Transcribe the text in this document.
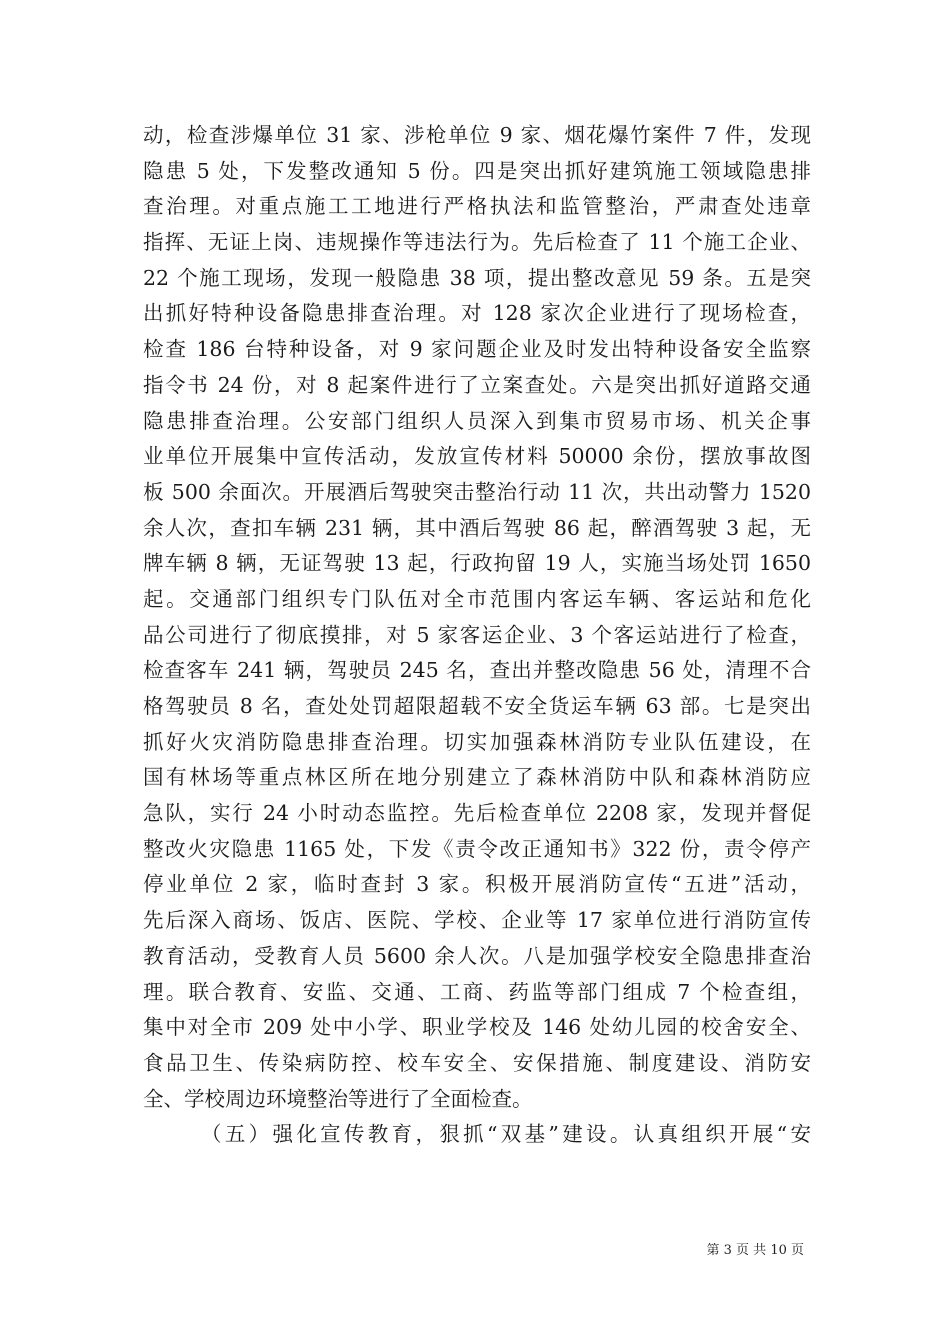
动，检查涉爆单位 31 家、涉枪单位 9 家、烟花爆竹案件 7 件，发现
隐患 5 处，下发整改通知 5 份。四是突出抓好建筑施工领域隐患排
查治理。对重点施工工地进行严格执法和监管整治，严肃查处违章
指挥、无证上岗、违规操作等违法行为。先后检查了 11 个施工企业、
22 个施工现场，发现一般隐患 38 项，提出整改意见 59 条。五是突
出抓好特种设备隐患排查治理。对 128 家次企业进行了现场检查，
检查 186 台特种设备，对 9 家问题企业及时发出特种设备安全监察
指令书 24 份，对 8 起案件进行了立案查处。六是突出抓好道路交通
隐患排查治理。公安部门组织人员深入到集市贸易市场、机关企事
业单位开展集中宣传活动，发放宣传材料 50000 余份，摆放事故图
板 500 余面次。开展酒后驾驶突击整治行动 11 次，共出动警力 1520
余人次，查扣车辆 231 辆，其中酒后驾驶 86 起，醉酒驾驶 3 起，无
牌车辆 8 辆，无证驾驶 13 起，行政拘留 19 人，实施当场处罚 1650
起。交通部门组织专门队伍对全市范围内客运车辆、客运站和危化
品公司进行了彻底摸排，对 5 家客运企业、3 个客运站进行了检查，
检查客车 241 辆，驾驶员 245 名，查出并整改隐患 56 处，清理不合
格驾驶员 8 名，查处处罚超限超载不安全货运车辆 63 部。七是突出
抓好火灾消防隐患排查治理。切实加强森林消防专业队伍建设，在
国有林场等重点林区所在地分别建立了森林消防中队和森林消防应
急队，实行 24 小时动态监控。先后检查单位 2208 家，发现并督促
整改火灾隐患 1165 处，下发《责令改正通知书》322 份，责令停产
停业单位 2 家，临时查封 3 家。积极开展消防宣传“五进”活动，
先后深入商场、饭店、医院、学校、企业等 17 家单位进行消防宣传
教育活动，受教育人员 5600 余人次。八是加强学校安全隐患排查治
理。联合教育、安监、交通、工商、药监等部门组成 7 个检查组，
集中对全市 209 处中小学、职业学校及 146 处幼儿园的校舍安全、
食品卫生、传染病防控、校车安全、安保措施、制度建设、消防安
全、学校周边环境整治等进行了全面检查。
（五）强化宣传教育，狠抓“双基”建设。认真组织开展“安
第 3 页 共 10 页
